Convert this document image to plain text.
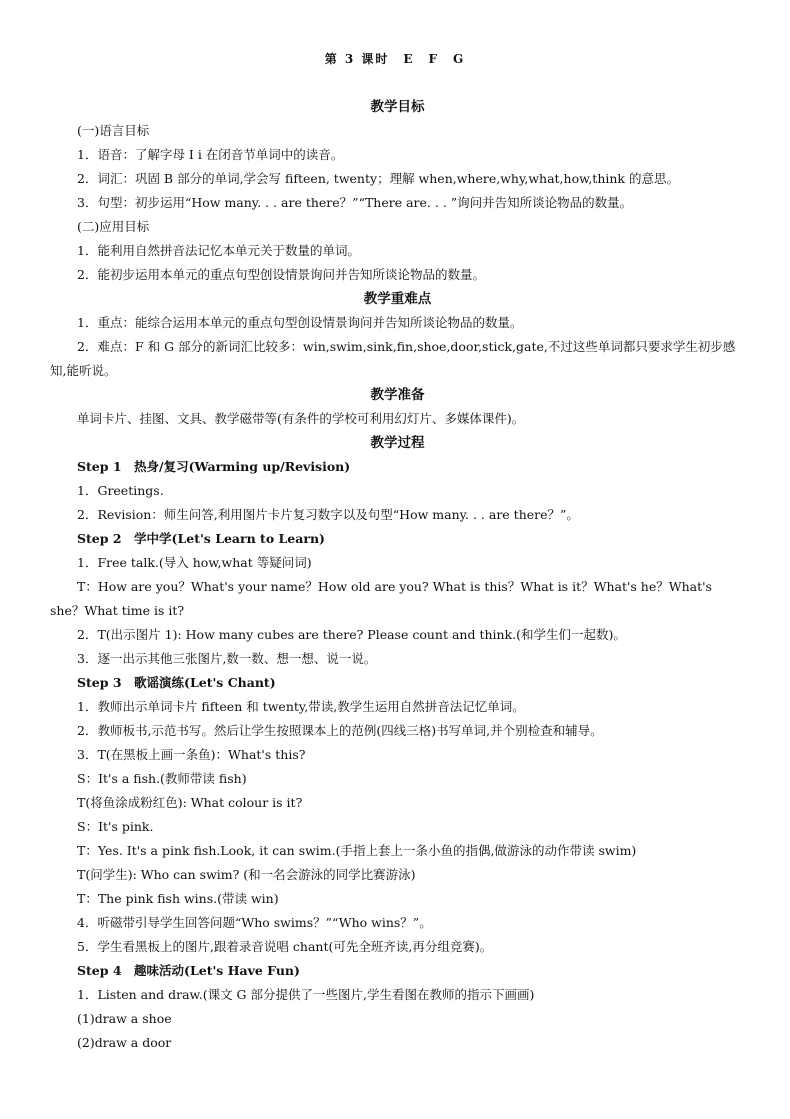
第 3 课时　E　F　G
教学目标
(一)语言目标
1．语音：了解字母 I i 在闭音节单词中的读音。
2．词汇：巩固 B 部分的单词,学会写 fifteen, twenty；理解 when,where,why,what,how,think 的意思。
3．句型：初步运用“How many. . . are there？”“There are. . . ”询问并告知所谈论物品的数量。
(二)应用目标
1．能利用自然拼音法记忆本单元关于数量的单词。
2．能初步运用本单元的重点句型创设情景询问并告知所谈论物品的数量。
教学重难点
1．重点：能综合运用本单元的重点句型创设情景询问并告知所谈论物品的数量。
2．难点：F 和 G 部分的新词汇比较多：win,swim,sink,fin,shoe,door,stick,gate,不过这些单词都只要求学生初步感知,能听说。
教学准备
单词卡片、挂图、文具、教学磁带等(有条件的学校可利用幻灯片、多媒体课件)。
教学过程
Step 1　热身/复习(Warming up/Revision)
1．Greetings.
2．Revision：师生问答,利用图片卡片复习数字以及句型“How many. . . are there？”。
Step 2　学中学(Let's Learn to Learn)
1．Free talk.(导入 how,what 等疑问词)
T：How are you？What's your name？How old are you? What is this？What is it？What's he？What's she？What time is it?
2．T(出示图片 1): How many cubes are there? Please count and think.(和学生们一起数)。
3．逐一出示其他三张图片,数一数、想一想、说一说。
Step 3　歌谣演练(Let's Chant)
1．教师出示单词卡片 fifteen 和 twenty,带读,教学生运用自然拼音法记忆单词。
2．教师板书,示范书写。然后让学生按照课本上的范例(四线三格)书写单词,并个别检查和辅导。
3．T(在黑板上画一条鱼)：What's this?
S：It's a fish.(教师带读 fish)
T(将鱼涂成粉红色): What colour is it?
S：It's pink.
T：Yes. It's a pink fish.Look, it can swim.(手指上套上一条小鱼的指偶,做游泳的动作带读 swim)
T(问学生): Who can swim? (和一名会游泳的同学比赛游泳)
T：The pink fish wins.(带读 win)
4．听磁带引导学生回答问题“Who swims？”“Who wins？”。
5．学生看黑板上的图片,跟着录音说唱 chant(可先全班齐读,再分组竞赛)。
Step 4　趣味活动(Let's Have Fun)
1．Listen and draw.(课文 G 部分提供了一些图片,学生看图在教师的指示下画画)
(1)draw a shoe
(2)draw a door
